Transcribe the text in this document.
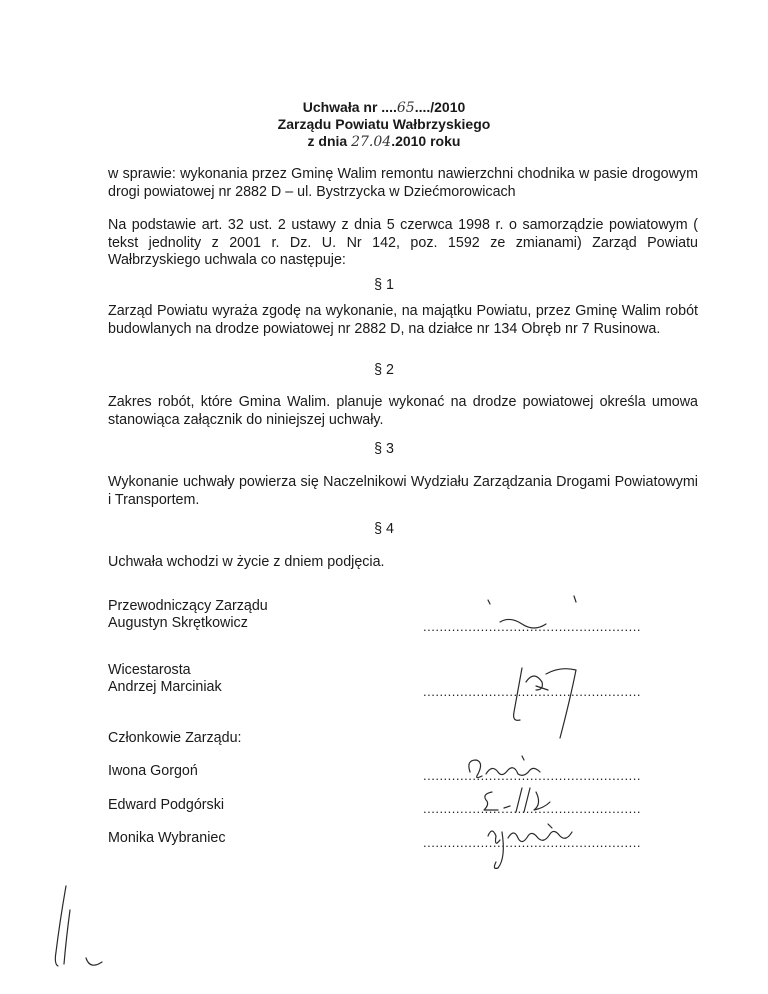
Uchwała nr ....65..../2010
Zarządu Powiatu Wałbrzyskiego
z dnia 27.04.2010 roku
w sprawie: wykonania przez Gminę Walim remontu nawierzchni chodnika w pasie drogowym drogi powiatowej nr 2882 D – ul. Bystrzycka w Dziećmorowicach
Na podstawie art. 32 ust. 2 ustawy z dnia 5 czerwca 1998 r. o samorządzie powiatowym ( tekst jednolity z 2001 r. Dz. U. Nr 142, poz. 1592 ze zmianami) Zarząd Powiatu Wałbrzyskiego uchwala co następuje:
§ 1
Zarząd Powiatu wyraża zgodę na wykonanie, na majątku Powiatu, przez Gminę Walim robót budowlanych na drodze powiatowej nr 2882 D, na działce nr 134 Obręb nr 7 Rusinowa.
§ 2
Zakres robót, które Gmina Walim. planuje wykonać na drodze powiatowej określa umowa stanowiąca załącznik do niniejszej uchwały.
§ 3
Wykonanie uchwały powierza się Naczelnikowi Wydziału Zarządzania Drogami Powiatowymi i Transportem.
§ 4
Uchwała wchodzi w życie z dniem podjęcia.
Przewodniczący Zarządu
Augustyn Skrętkowicz	.....................................................
Wicestarosta
Andrzej Marciniak	.....................................................
Członkowie Zarządu:
Iwona Gorgoń	.....................................................
Edward Podgórski	.....................................................
Monika Wybraniec	.....................................................
